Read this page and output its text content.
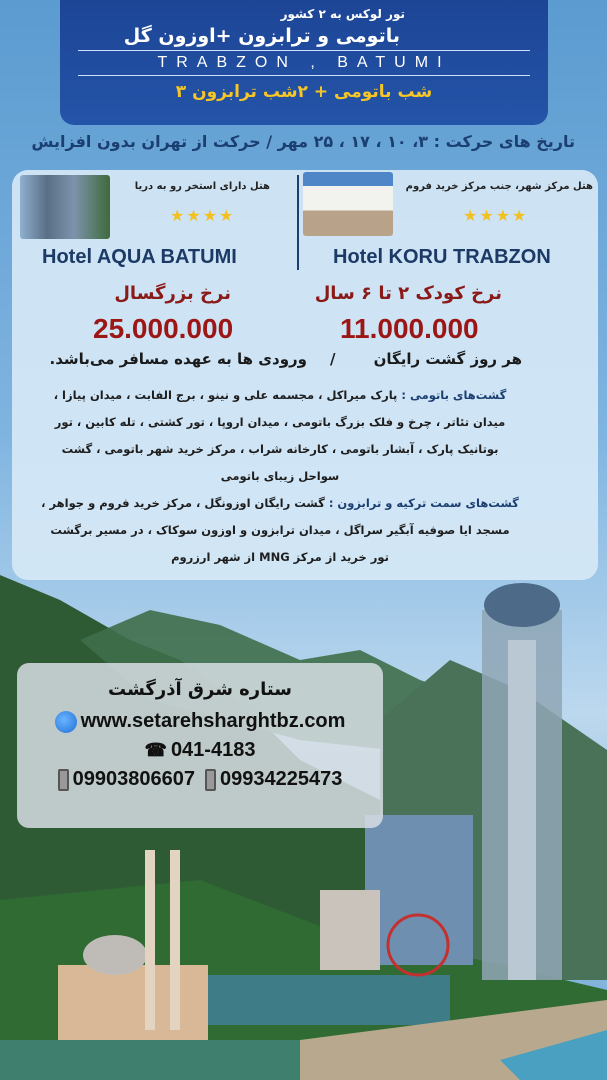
تور لوکس به ۲ کشور
باتومی و ترابزون +اوزون گل
TRABZON , BATUMI
۳ شب باتومی + ۲شب ترابزون
تاریخ های حرکت : ۳، ۱۰ ، ۱۷ ، ۲۵ مهر / حرکت از تهران بدون افزایش
هتل مرکز شهر، جنب مرکز خرید فروم
★★★★
Hotel KORU TRABZON
هتل دارای استخر رو به دریا
★★★★
Hotel AQUA BATUMI
نرخ کودک ۲ تا ۶ سال
11.000.000
هر روز گشت رایگان
نرخ بزرگسال
25.000.000
ورودی ها به عهده مسافر می‌باشد. /
گشت‌های باتومی : پارک میراکل ، مجسمه علی و نینو ، برج الفابت ، میدان پیازا ، میدان تئاتر ، چرخ و فلک بزرگ باتومی ، میدان اروپا ، تور کشتی ، تله کابین ، تور بوتانیک پارک ، آبشار باتومی ، کارخانه شراب ، مرکز خرید شهر باتومی ، گشت سواحل زیبای باتومی
گشت‌های سمت ترکیه و ترابزون : گشت رایگان اوزونگل ، مرکز خرید فروم و جواهر ، مسجد ایا صوفیه آبگیر سراگل ، میدان ترابزون و اوزون سوکاک ، در مسیر برگشت تور خرید از مرکز MNG از شهر ارزروم
ستاره شرق آذرگشت
www.setarehsharghtbz.com
☎ 041-4183
09903806607 09934225473
